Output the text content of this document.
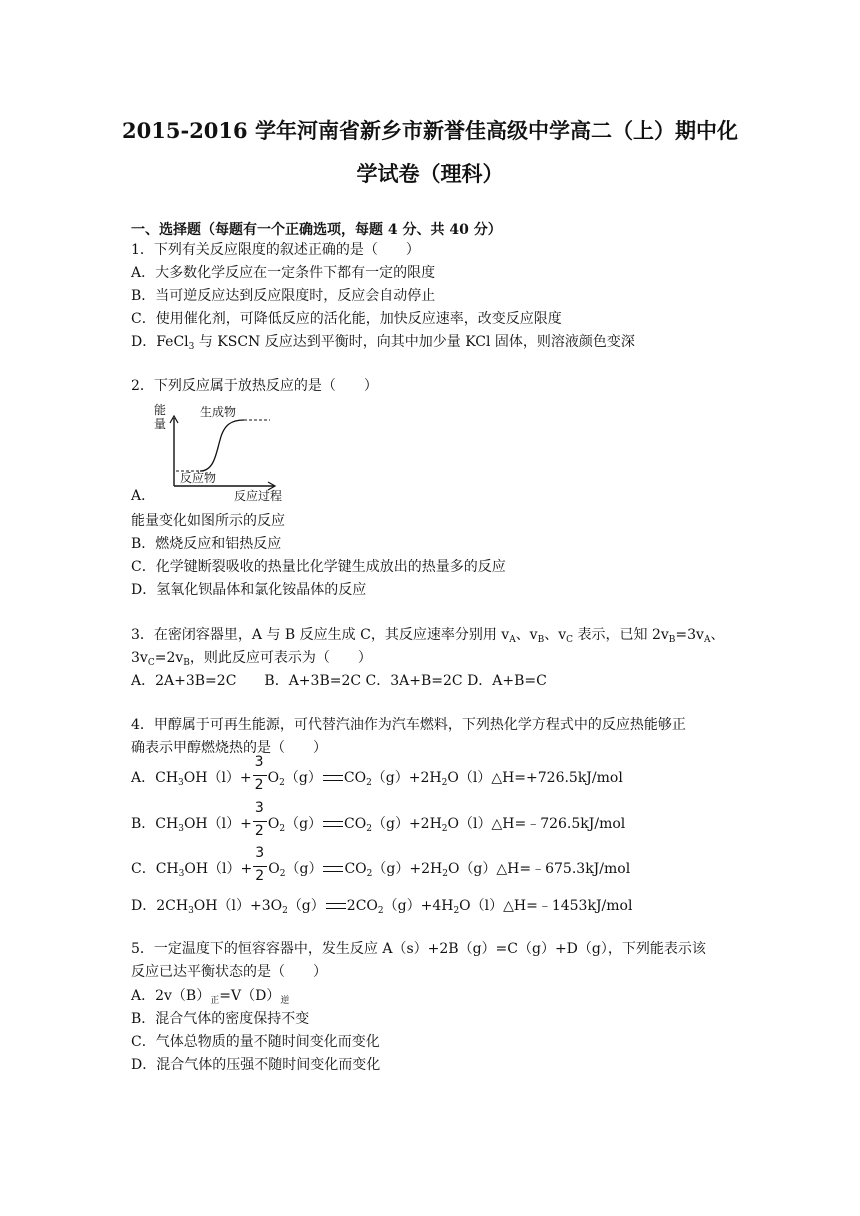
2015-2016 学年河南省新乡市新誉佳高级中学高二（上）期中化
学试卷（理科）
一、选择题（每题有一个正确选项，每题 4 分、共 40 分）
1．下列有关反应限度的叙述正确的是（　　）
A．大多数化学反应在一定条件下都有一定的限度
B．当可逆反应达到反应限度时，反应会自动停止
C．使用催化剂，可降低反应的活化能，加快反应速率，改变反应限度
D．FeCl$_3$ 与 KSCN 反应达到平衡时，向其中加少量 KCl 固体，则溶液颜色变深
2．下列反应属于放热反应的是（　　）
能
量
生成物
反应物
反应过程
A．
能量变化如图所示的反应
B．燃烧反应和铝热反应
C．化学键断裂吸收的热量比化学键生成放出的热量多的反应
D．氢氧化钡晶体和氯化铵晶体的反应
3．在密闭容器里，A 与 B 反应生成 C，其反应速率分别用 $v_A$、$v_B$、$v_C$ 表示，已知 $2v_B=3v_A$、
$3v_C=2v_B$，则此反应可表示为（　　）
A．2A+3B=2C　　B．A+3B=2C C．3A+B=2C D．A+B=C
4．甲醇属于可再生能源，可代替汽油作为汽车燃料，下列热化学方程式中的反应热能够正
确表示甲醇燃烧热的是（　　）
A．$CH_3OH(l)+ \frac{3}{2} O_2(g)$ $CO_2(g)+2H_2O(l)\triangle H=+726.5kJ$/mol
B．$CH_3OH(l)+ \frac{3}{2} O_2(g)$ $CO_2(g)+2H_2O(l)\triangle H=﹣726.5kJ$/mol
C．$CH_3OH(l)+ \frac{3}{2} O_2(g)$ $CO_2(g)+2H_2O(g)\triangle H=﹣675.3kJ$/mol
D．$2CH_3OH(l)+3O_2(g)$ $2CO_2(g)+4H_2O(l)\triangle H=﹣1453kJ$/mol
5．一定温度下的恒容容器中，发生反应 A（s）+2B（g）=C（g）+D（g），下列能表示该
反应已达平衡状态的是（　　）
A．$2v(B)_正=V(D)_逆$
B．混合气体的密度保持不变
C．气体总物质的量不随时间变化而变化
D．混合气体的压强不随时间变化而变化
